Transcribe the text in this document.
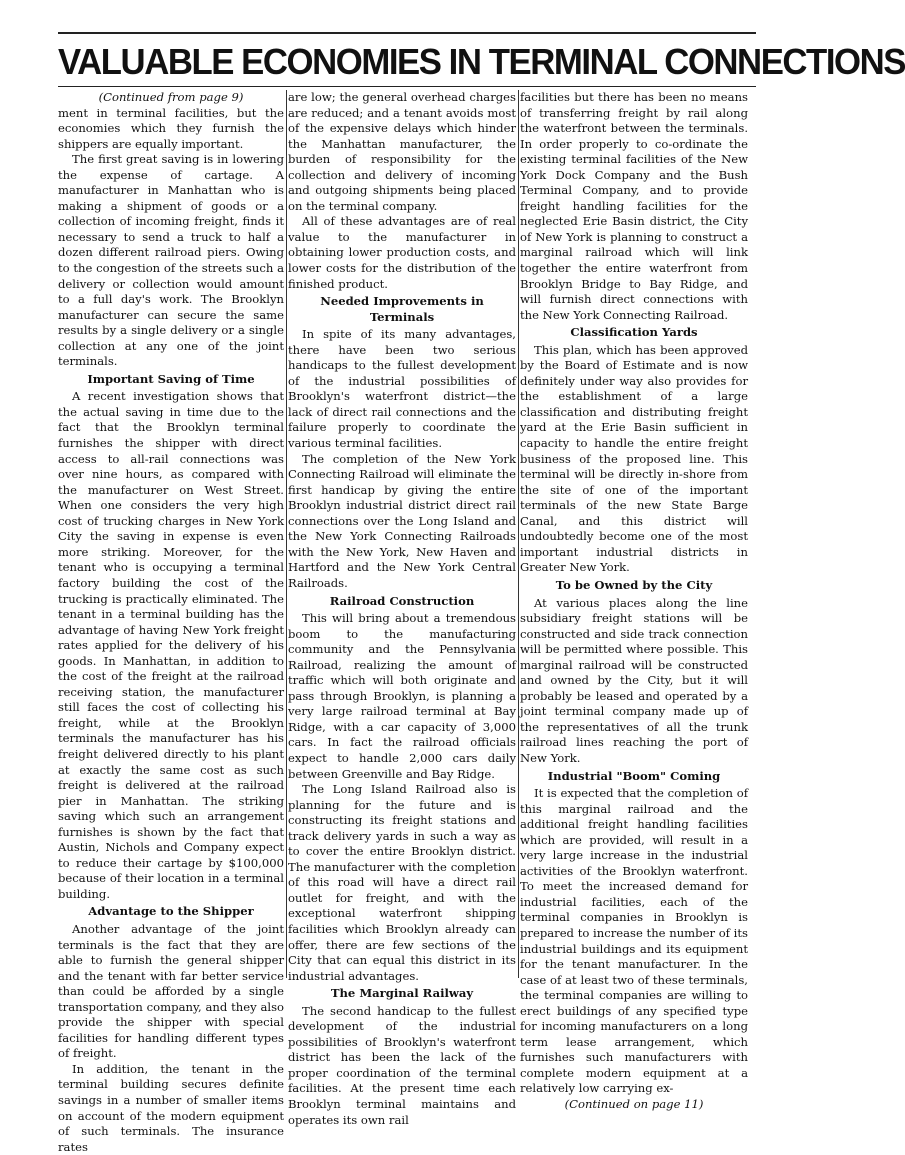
VALUABLE ECONOMIES IN TERMINAL CONNECTIONS

(Continued from page 9)

ment in terminal facilities, but the economies which they furnish the shippers are equally important.

The first great saving is in lowering the expense of cartage. A manufacturer in Manhattan who is making a shipment of goods or a collection of incoming freight, finds it necessary to send a truck to half a dozen different railroad piers. Owing to the congestion of the streets such a delivery or collection would amount to a full day's work. The Brooklyn manufacturer can secure the same results by a single delivery or a single collection at any one of the joint terminals.

Important Saving of Time

A recent investigation shows that the actual saving in time due to the fact that the Brooklyn terminal furnishes the shipper with direct access to all-rail connections was over nine hours, as compared with the manufacturer on West Street. When one considers the very high cost of trucking charges in New York City the saving in expense is even more striking. Moreover, for the tenant who is occupying a terminal factory building the cost of the trucking is practically eliminated. The tenant in a terminal building has the advantage of having New York freight rates applied for the delivery of his goods. In Manhattan, in addition to the cost of the freight at the railroad receiving station, the manufacturer still faces the cost of collecting his freight, while at the Brooklyn terminals the manufacturer has his freight delivered directly to his plant at exactly the same cost as such freight is delivered at the railroad pier in Manhattan. The striking saving which such an arrangement furnishes is shown by the fact that Austin, Nichols and Company expect to reduce their cartage by $100,000 because of their location in a terminal building.

Advantage to the Shipper

Another advantage of the joint terminals is the fact that they are able to furnish the general shipper and the tenant with far better service than could be afforded by a single transportation company, and they also provide the shipper with special facilities for handling different types of freight.

In addition, the tenant in the terminal building secures definite savings in a number of smaller items on account of the modern equipment of such terminals. The insurance rates

are low; the general overhead charges are reduced; and a tenant avoids most of the expensive delays which hinder the Manhattan manufacturer, the burden of responsibility for the collection and delivery of incoming and outgoing shipments being placed on the terminal company.

All of these advantages are of real value to the manufacturer in obtaining lower production costs, and lower costs for the distribution of the finished product.

Needed Improvements in Terminals

In spite of its many advantages, there have been two serious handicaps to the fullest development of the industrial possibilities of Brooklyn's waterfront district—the lack of direct rail connections and the failure properly to coordinate the various terminal facilities.

The completion of the New York Connecting Railroad will eliminate the first handicap by giving the entire Brooklyn industrial district direct rail connections over the Long Island and the New York Connecting Railroads with the New York, New Haven and Hartford and the New York Central Railroads.

Railroad Construction

This will bring about a tremendous boom to the manufacturing community and the Pennsylvania Railroad, realizing the amount of traffic which will both originate and pass through Brooklyn, is planning a very large railroad terminal at Bay Ridge, with a car capacity of 3,000 cars. In fact the railroad officials expect to handle 2,000 cars daily between Greenville and Bay Ridge.

The Long Island Railroad also is planning for the future and is constructing its freight stations and track delivery yards in such a way as to cover the entire Brooklyn district. The manufacturer with the completion of this road will have a direct rail outlet for freight, and with the exceptional waterfront shipping facilities which Brooklyn already can offer, there are few sections of the City that can equal this district in its industrial advantages.

The Marginal Railway

The second handicap to the fullest development of the industrial possibilities of Brooklyn's waterfront district has been the lack of the proper coordination of the terminal facilities. At the present time each Brooklyn terminal maintains and operates its own rail

facilities but there has been no means of transferring freight by rail along the waterfront between the terminals. In order properly to co-ordinate the existing terminal facilities of the New York Dock Company and the Bush Terminal Company, and to provide freight handling facilities for the neglected Erie Basin district, the City of New York is planning to construct a marginal railroad which will link together the entire waterfront from Brooklyn Bridge to Bay Ridge, and will furnish direct connections with the New York Connecting Railroad.

Classification Yards

This plan, which has been approved by the Board of Estimate and is now definitely under way also provides for the establishment of a large classification and distributing freight yard at the Erie Basin sufficient in capacity to handle the entire freight business of the proposed line. This terminal will be directly in-shore from the site of one of the important terminals of the new State Barge Canal, and this district will undoubtedly become one of the most important industrial districts in Greater New York.

To be Owned by the City

At various places along the line subsidiary freight stations will be constructed and side track connection will be permitted where possible. This marginal railroad will be constructed and owned by the City, but it will probably be leased and operated by a joint terminal company made up of the representatives of all the trunk railroad lines reaching the port of New York.

Industrial "Boom" Coming

It is expected that the completion of this marginal railroad and the additional freight handling facilities which are provided, will result in a very large increase in the industrial activities of the Brooklyn waterfront. To meet the increased demand for industrial facilities, each of the terminal companies in Brooklyn is prepared to increase the number of its industrial buildings and its equipment for the tenant manufacturer. In the case of at least two of these terminals, the terminal companies are willing to erect buildings of any specified type for incoming manufacturers on a long term lease arrangement, which furnishes such manufacturers with complete modern equipment at a relatively low carrying ex-

(Continued on page 11)
